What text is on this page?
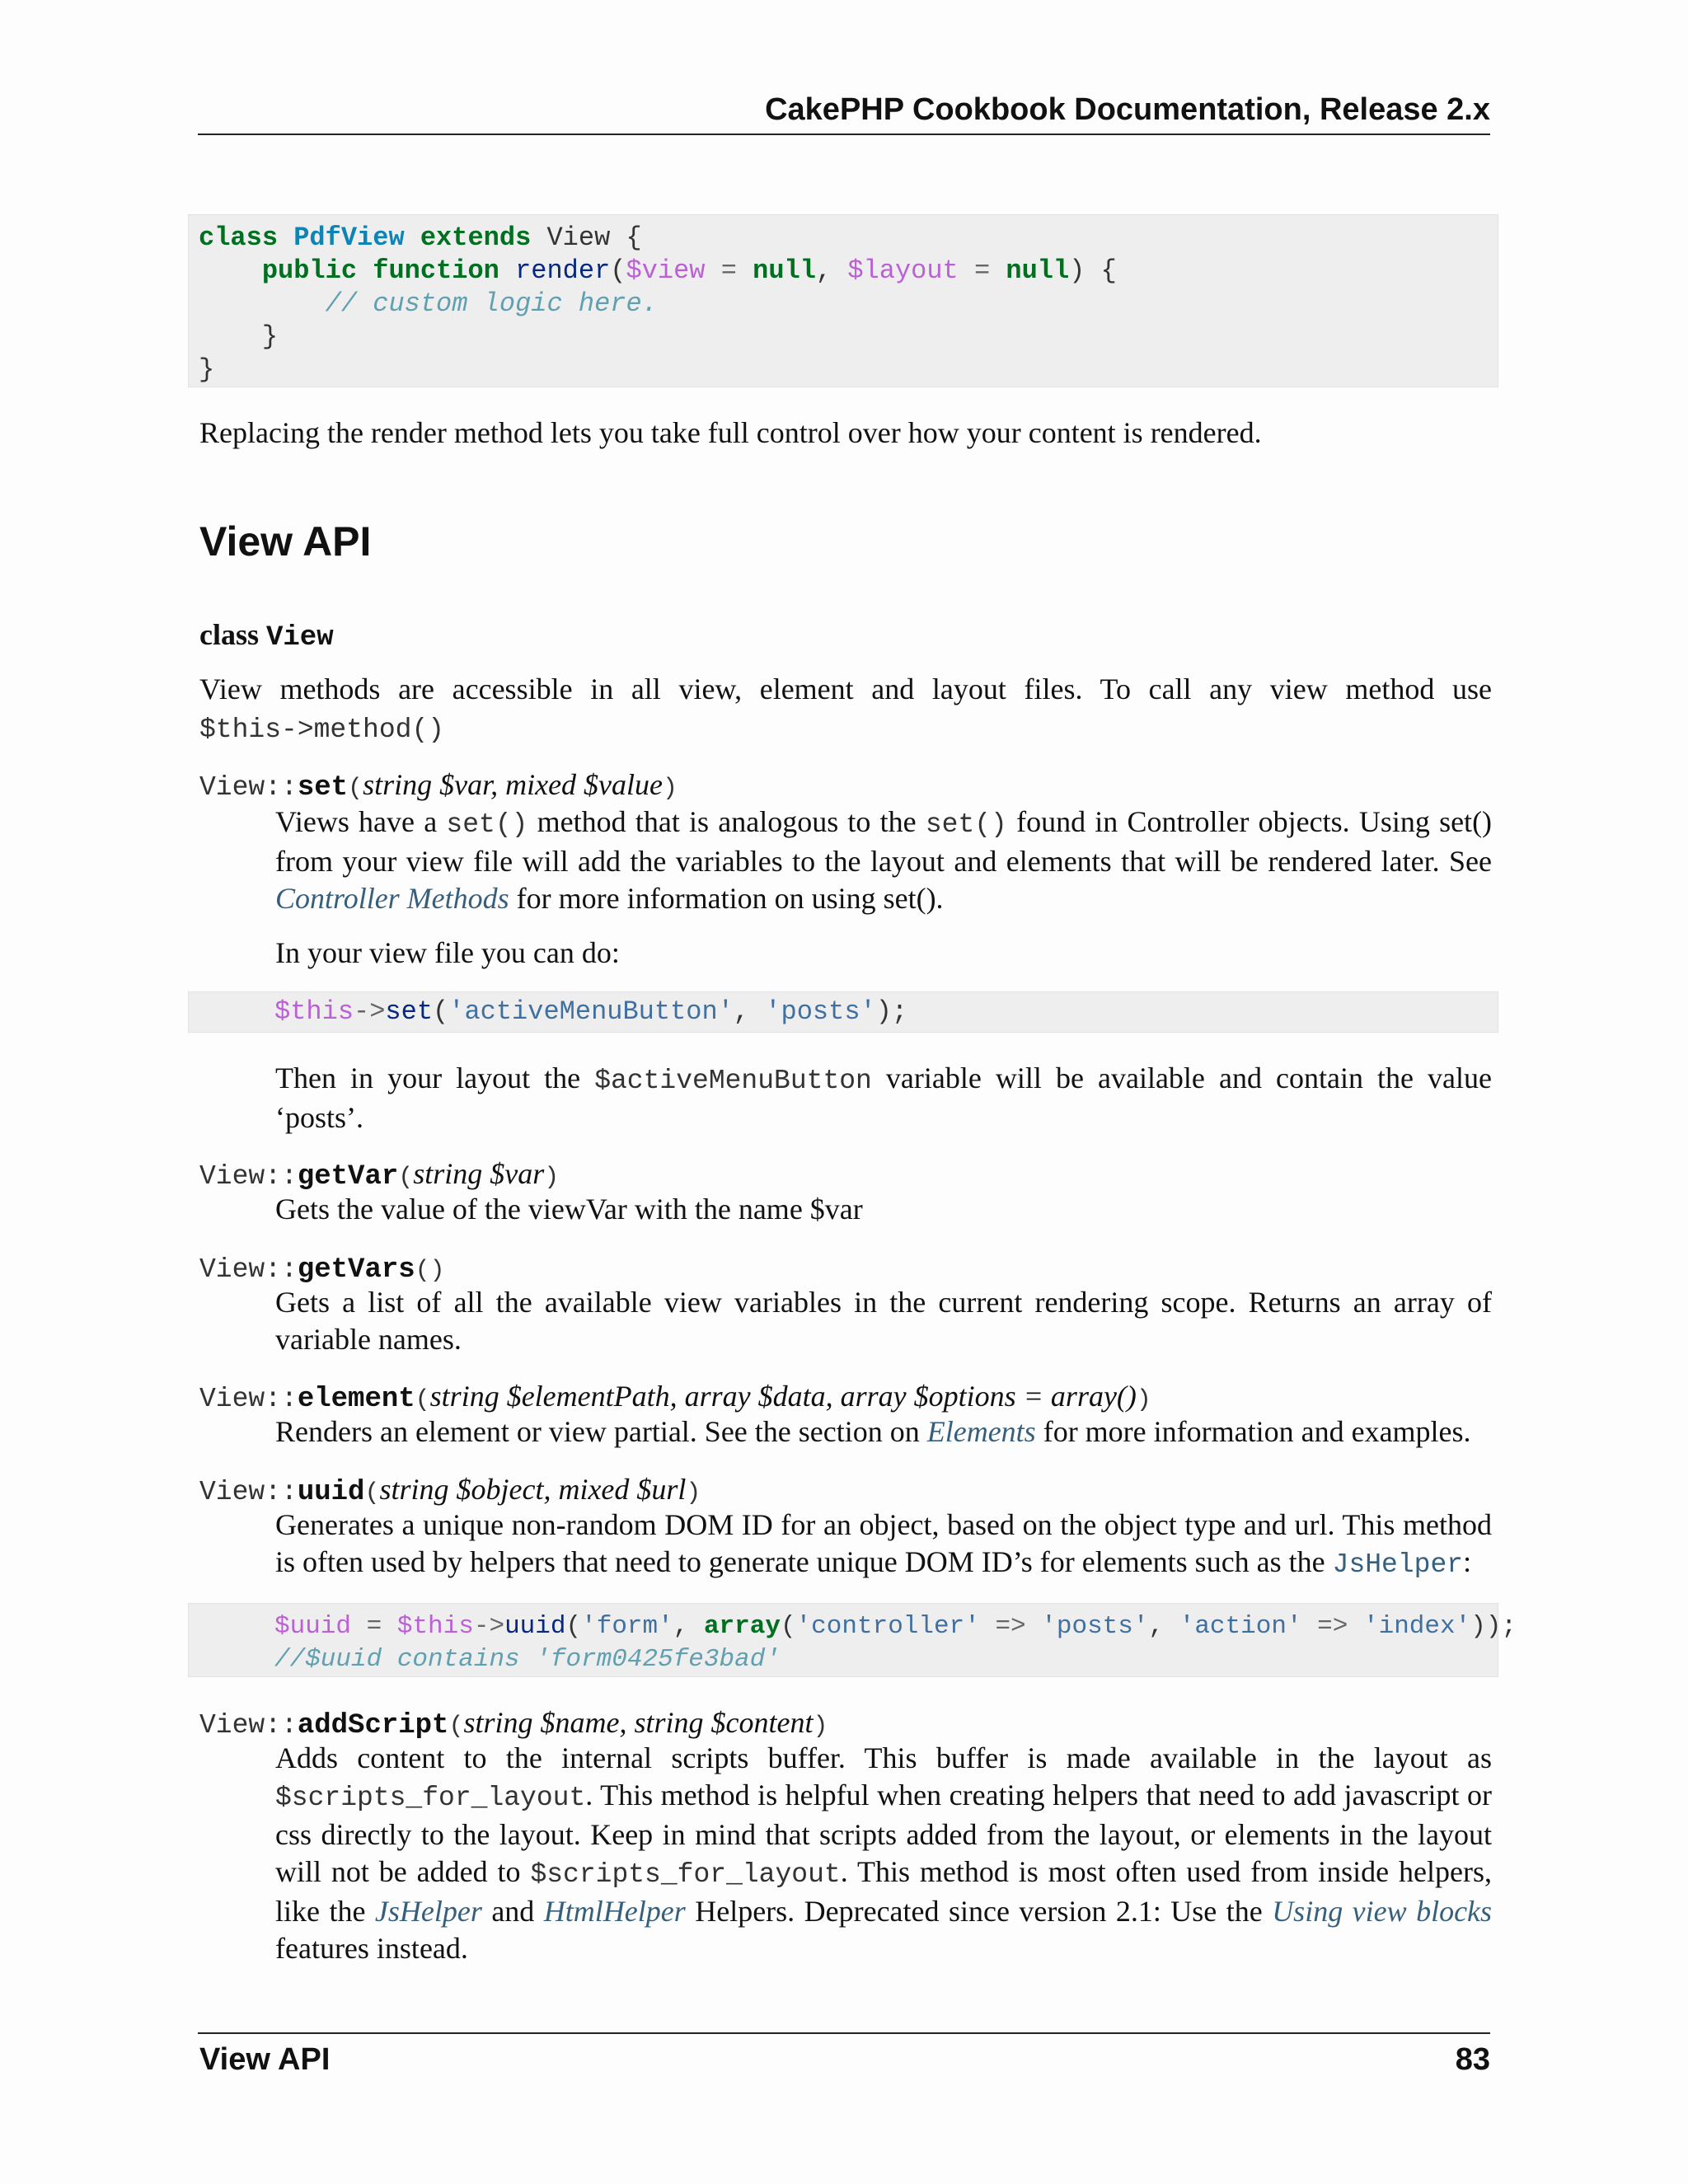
CakePHP Cookbook Documentation, Release 2.x
class PdfView extends View {
public function render($view = null, $layout = null) {
// custom logic here.
}
}
Replacing the render method lets you take full control over how your content is rendered.
View API
class View
View methods are accessible in all view, element and layout files. To call any view method use
$this->method()
View::set(string $var, mixed $value)
Views have a set() method that is analogous to the set() found in Controller objects. Using set() from your view file will add the variables to the layout and elements that will be rendered later. See Controller Methods for more information on using set().
In your view file you can do:
$this->set('activeMenuButton', 'posts');
Then in your layout the $activeMenuButton variable will be available and contain the value ‘posts’.
View::getVar(string $var)
Gets the value of the viewVar with the name $var
View::getVars()
Gets a list of all the available view variables in the current rendering scope. Returns an array of variable names.
View::element(string $elementPath, array $data, array $options = array())
Renders an element or view partial. See the section on Elements for more information and examples.
View::uuid(string $object, mixed $url)
Generates a unique non-random DOM ID for an object, based on the object type and url. This method is often used by helpers that need to generate unique DOM ID’s for elements such as the JsHelper:
$uuid = $this->uuid('form', array('controller' => 'posts', 'action' => 'index'));
//$uuid contains 'form0425fe3bad'
View::addScript(string $name, string $content)
Adds content to the internal scripts buffer. This buffer is made available in the layout as $scripts_for_layout. This method is helpful when creating helpers that need to add javascript or css directly to the layout. Keep in mind that scripts added from the layout, or elements in the layout will not be added to $scripts_for_layout. This method is most often used from inside helpers, like the JsHelper and HtmlHelper Helpers. Deprecated since version 2.1: Use the Using view blocks features instead.
View API	83
